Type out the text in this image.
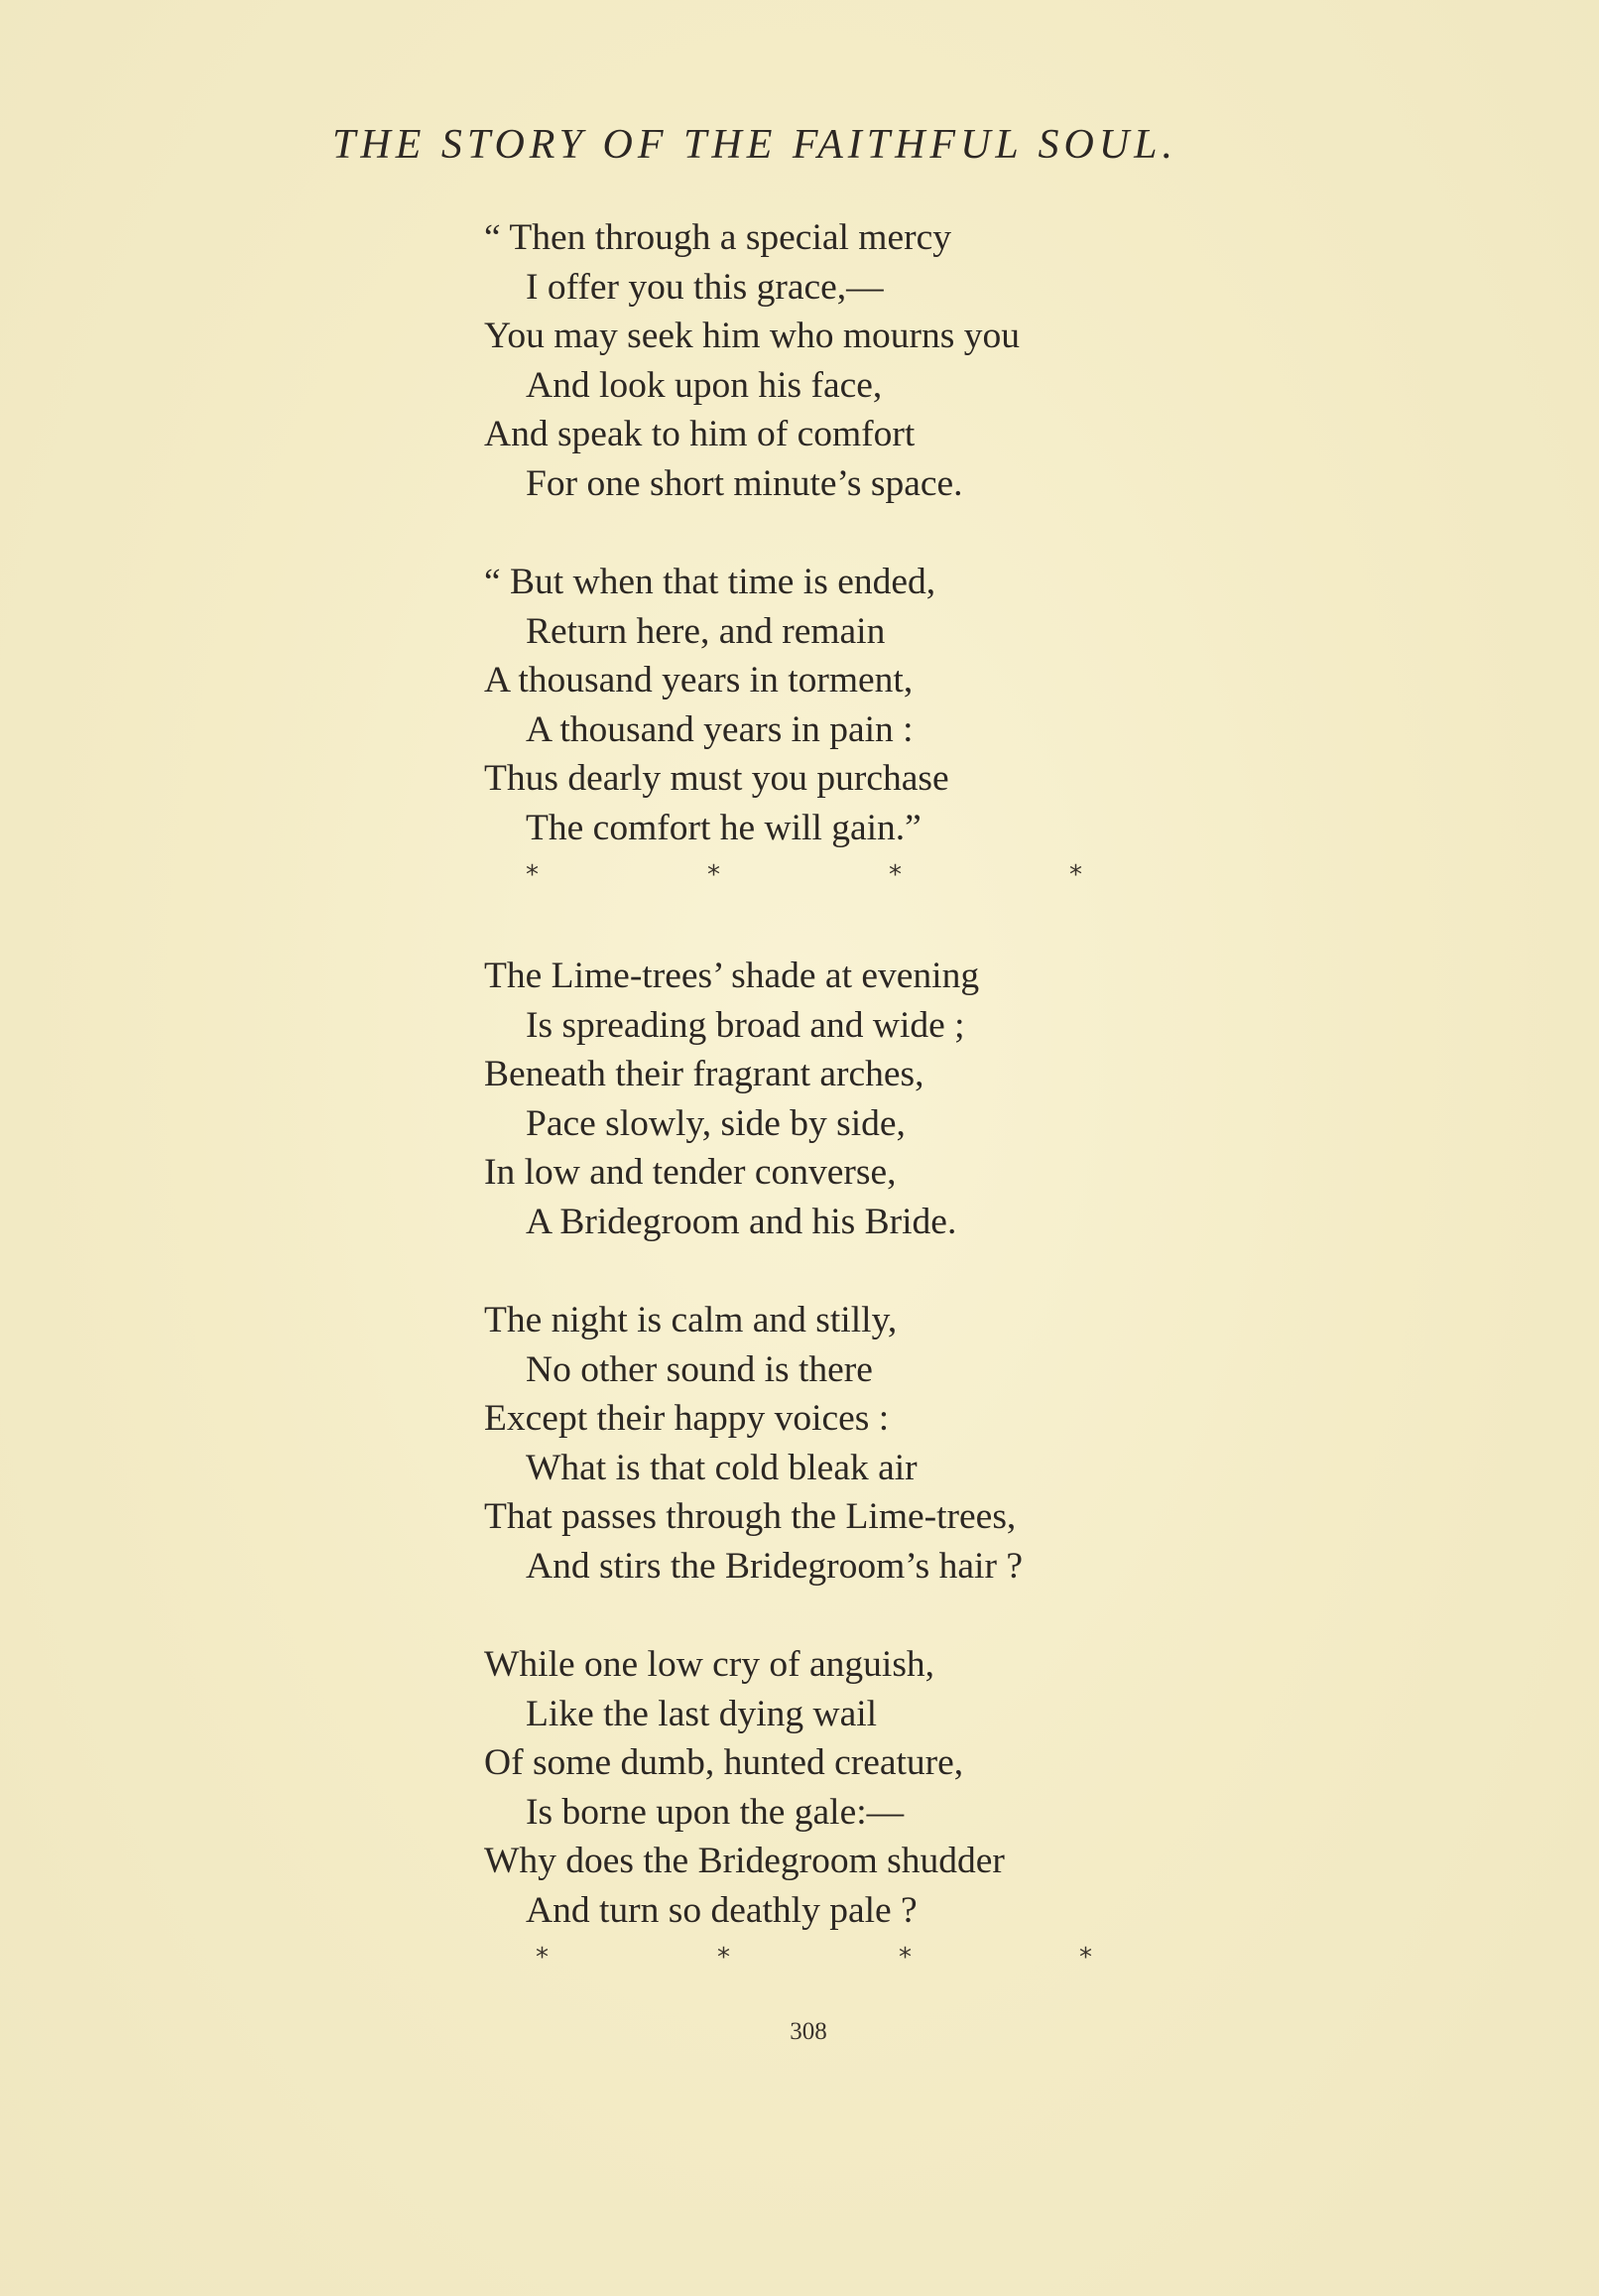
THE STORY OF THE FAITHFUL SOUL.
“ Then through a special mercy
I offer you this grace,—
You may seek him who mourns you
And look upon his face,
And speak to him of comfort
For one short minute’s space.
“ But when that time is ended,
Return here, and remain
A thousand years in torment,
A thousand years in pain :
Thus dearly must you purchase
The comfort he will gain.”
*	*	*	*
The Lime-trees’ shade at evening
Is spreading broad and wide ;
Beneath their fragrant arches,
Pace slowly, side by side,
In low and tender converse,
A Bridegroom and his Bride.
The night is calm and stilly,
No other sound is there
Except their happy voices :
What is that cold bleak air
That passes through the Lime-trees,
And stirs the Bridegroom’s hair ?
While one low cry of anguish,
Like the last dying wail
Of some dumb, hunted creature,
Is borne upon the gale:—
Why does the Bridegroom shudder
And turn so deathly pale ?
*	*	*	*
308
